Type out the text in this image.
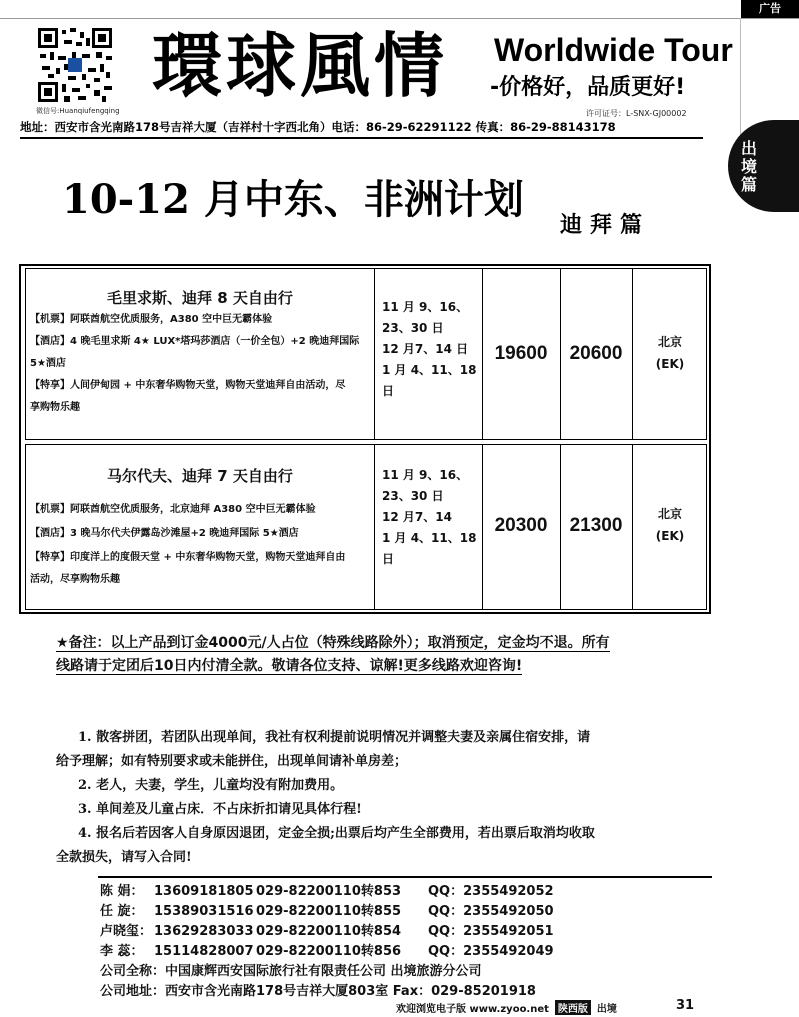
广告
微信号:Huanqiufengqing
環球風情 Worldwide Tour
-价格好，品质更好!
许可证号：L-SNX-GJ00002
地址：西安市含光南路178号吉祥大厦（吉祥村十字西北角）电话：86-29-62291122 传真：86-29-88143178
出境篇
10-12 月中东、非洲计划
迪拜篇
毛里求斯、迪拜 8 天自由行
【机票】阿联酋航空优质服务，A380 空中巨无霸体验
【酒店】4 晚毛里求斯 4★ LUX*塔玛莎酒店（一价全包）+2 晚迪拜国际
5★酒店
【特享】人间伊甸园 + 中东奢华购物天堂，购物天堂迪拜自由活动，尽
享购物乐趣
11 月 9、16、
23、30 日
12 月7、14 日
1 月 4、11、18
日
19600	20600
北京
(EK)
马尔代夫、迪拜 7 天自由行
【机票】阿联酋航空优质服务，北京迪拜 A380 空中巨无霸体验
【酒店】3 晚马尔代夫伊露岛沙滩屋+2 晚迪拜国际 5★酒店
【特享】印度洋上的度假天堂 + 中东奢华购物天堂，购物天堂迪拜自由
活动，尽享购物乐趣
11 月 9、16、
23、30 日
12 月7、14
1 月 4、11、18
日
20300	21300
北京
(EK)
★备注：以上产品到订金4000元/人占位（特殊线路除外）；取消预定，定金均不退。所有
线路请于定团后10日内付清全款。敬请各位支持、谅解!更多线路欢迎咨询!

1. 散客拼团，若团队出现单间，我社有权利提前说明情况并调整夫妻及亲属住宿安排，请

给予理解；如有特别要求或未能拼住，出现单间请补单房差；

2. 老人，夫妻，学生，儿童均没有附加费用。

3. 单间差及儿童占床．不占床折扣请见具体行程!

4. 报名后若因客人自身原因退团，定金全损;出票后均产生全部费用，若出票后取消均收取

全款损失，请写入合同!

陈 娟： 13609181805 029-82200110转853 QQ：2355492052
任 旋： 15389031516 029-82200110转855 QQ：2355492050
卢晓玺： 13629283033 029-82200110转854 QQ：2355492051
李 蕊： 15114828007 029-82200110转856 QQ：2355492049
公司全称：中国康辉西安国际旅行社有限责任公司 出境旅游分公司
公司地址：西安市含光南路178号吉祥大厦803室 Fax：029-85201918
欢迎浏览电子版 www.zyoo.net 陕西版 出境	31
